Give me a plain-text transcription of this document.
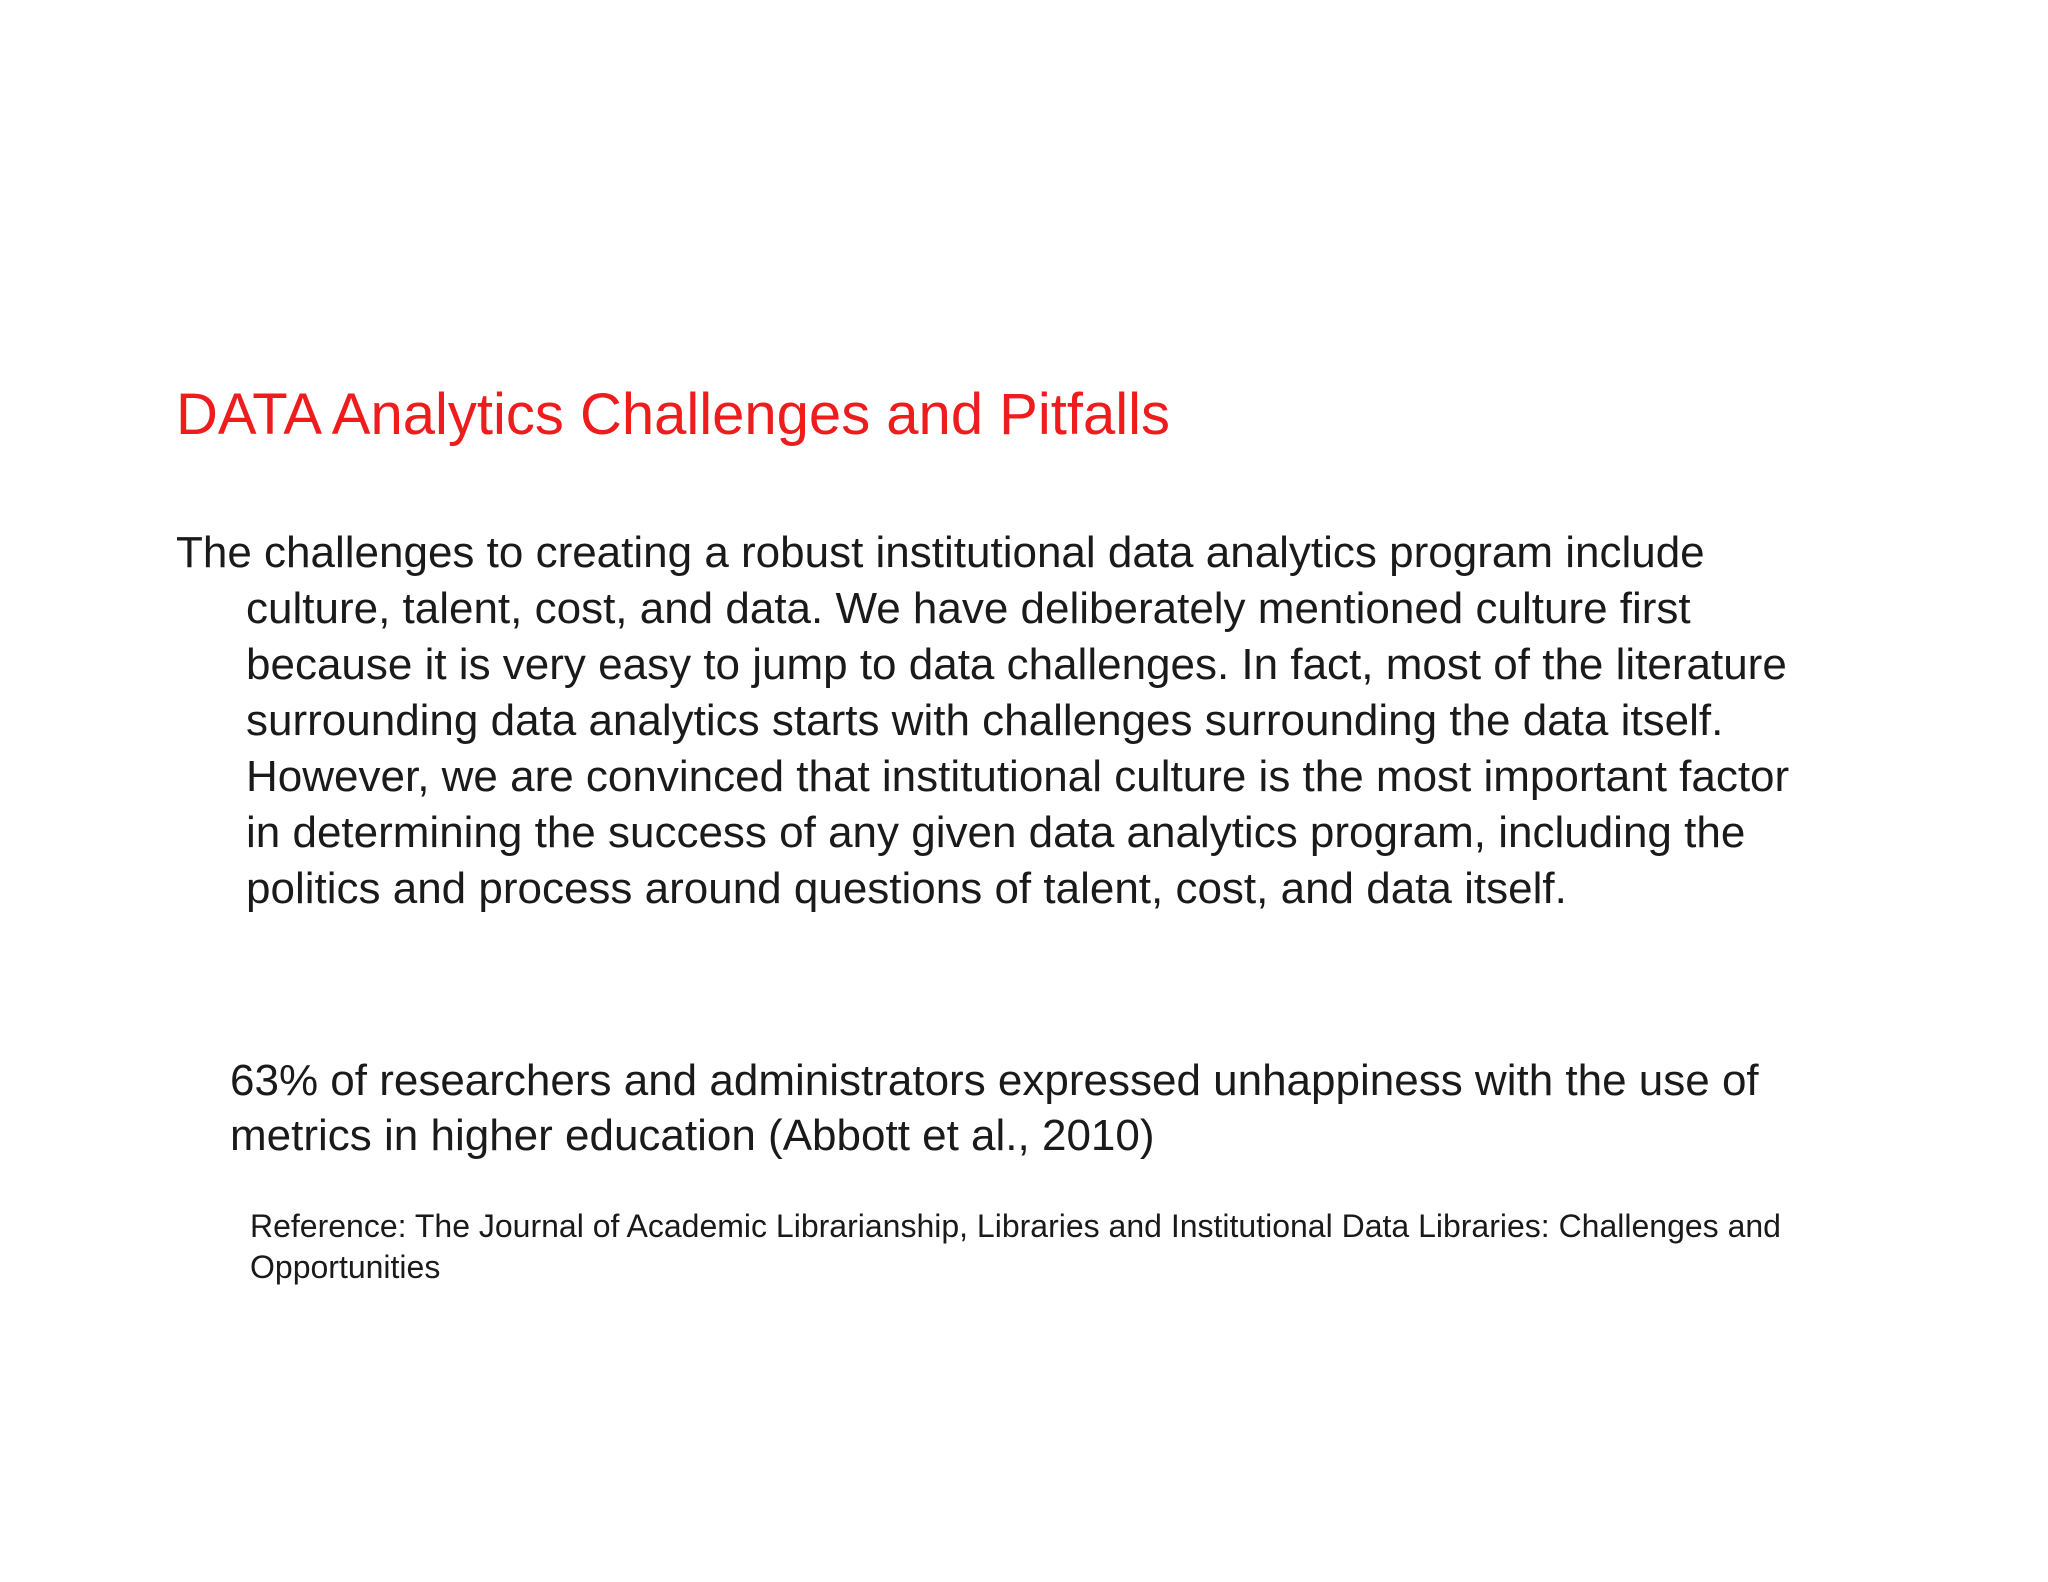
DATA Analytics Challenges and Pitfalls

The challenges to creating a robust institutional data analytics program include culture, talent, cost, and data. We have deliberately mentioned culture first because it is very easy to jump to data challenges. In fact, most of the literature surrounding data analytics starts with challenges surrounding the data itself. However, we are convinced that institutional culture is the most important factor in determining the success of any given data analytics program, including the politics and process around questions of talent, cost, and data itself.

63% of researchers and administrators expressed unhappiness with the use of metrics in higher education (Abbott et al., 2010)

Reference: The Journal of Academic Librarianship, Libraries and Institutional Data Libraries: Challenges and Opportunities
